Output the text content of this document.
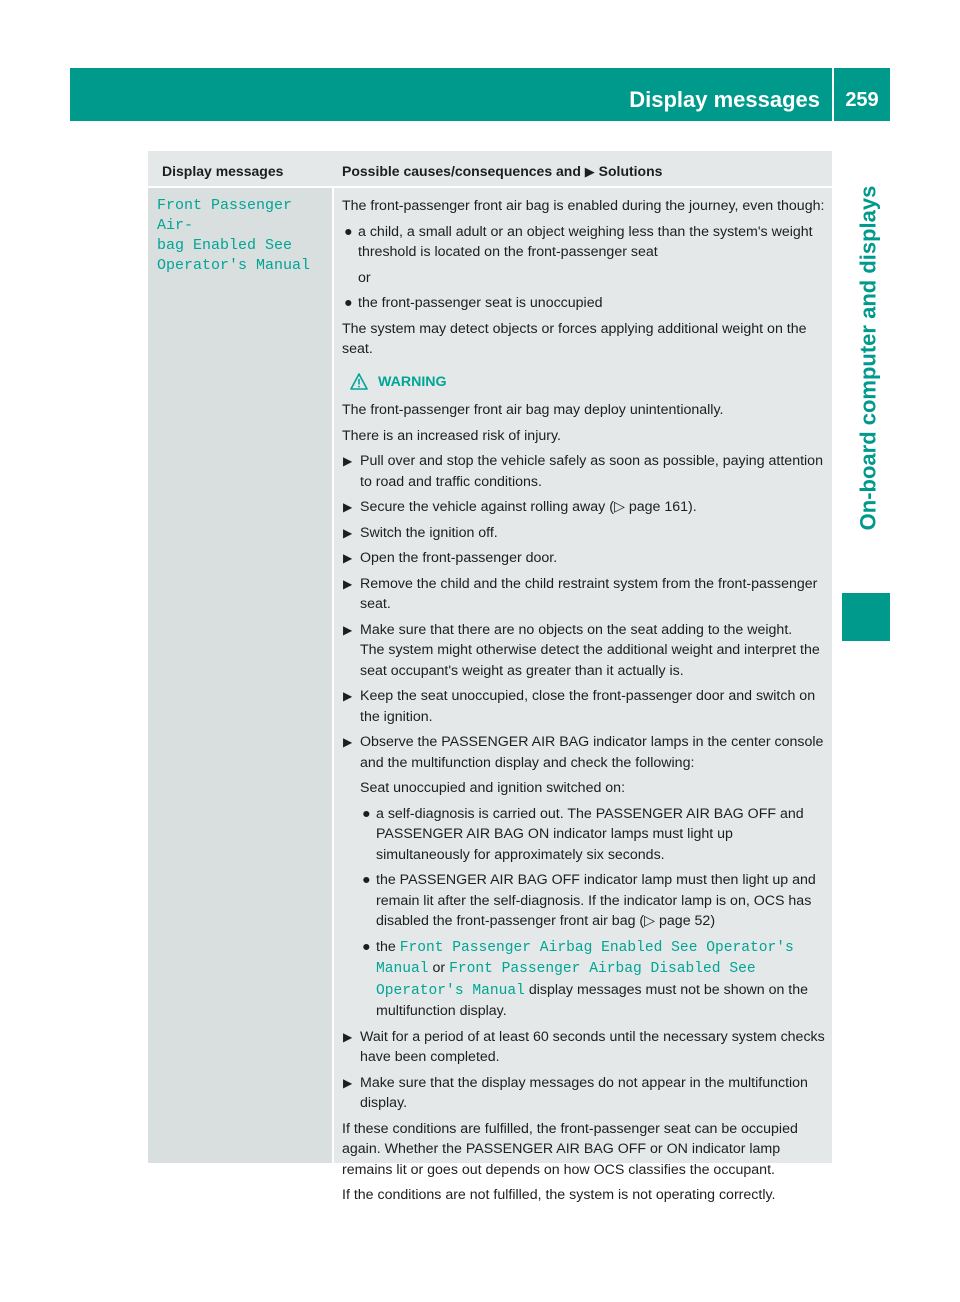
Display messages	259
On-board computer and displays
Display messages	Possible causes/consequences and ▶ Solutions
Front Passenger Air‐
bag Enabled See
Operator's Manual

The front-passenger front air bag is enabled during the journey, even though:

● a child, a small adult or an object weighing less than the system's weight threshold is located on the front-passenger seat

or

● the front-passenger seat is unoccupied

The system may detect objects or forces applying additional weight on the seat.

WARNING

The front-passenger front air bag may deploy unintentionally.

There is an increased risk of injury.

▶ Pull over and stop the vehicle safely as soon as possible, paying attention to road and traffic conditions.
▶ Secure the vehicle against rolling away (▷ page 161).
▶ Switch the ignition off.
▶ Open the front-passenger door.
▶ Remove the child and the child restraint system from the front-passenger seat.
▶ Make sure that there are no objects on the seat adding to the weight.
The system might otherwise detect the additional weight and interpret the seat occupant's weight as greater than it actually is.
▶ Keep the seat unoccupied, close the front-passenger door and switch on the ignition.
▶ Observe the PASSENGER AIR BAG indicator lamps in the center console and the multifunction display and check the following:

Seat unoccupied and ignition switched on:

● a self-diagnosis is carried out. The PASSENGER AIR BAG OFF and PASSENGER AIR BAG ON indicator lamps must light up simultaneously for approximately six seconds.
● the PASSENGER AIR BAG OFF indicator lamp must then light up and remain lit after the self-diagnosis. If the indicator lamp is on, OCS has disabled the front-passenger front air bag (▷ page 52)
● the Front Passenger Airbag Enabled See Operator's Manual or Front Passenger Airbag Disabled See Operator's Manual display messages must not be shown on the multifunction display.
▶ Wait for a period of at least 60 seconds until the necessary system checks have been completed.
▶ Make sure that the display messages do not appear in the multifunction display.

If these conditions are fulfilled, the front-passenger seat can be occupied again. Whether the PASSENGER AIR BAG OFF or ON indicator lamp remains lit or goes out depends on how OCS classifies the occupant.

If the conditions are not fulfilled, the system is not operating correctly.
